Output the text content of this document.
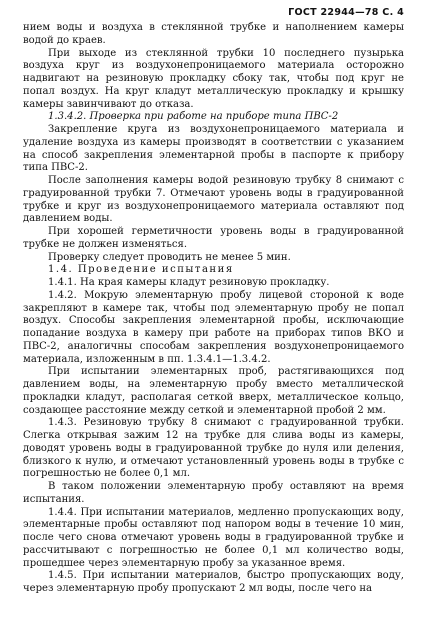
ГОСТ 22944—78 С. 4

нием воды и воздуха в стеклянной трубке и наполнением камеры водой до краев.

При выходе из стеклянной трубки 10 последнего пузырька воздуха круг из воздухонепроницаемого материала осторожно надвигают на резиновую прокладку сбоку так, чтобы под круг не попал воздух. На круг кладут металлическую прокладку и крышку камеры завинчивают до отказа.

1.3.4.2. Проверка при работе на приборе типа ПВС-2

Закрепление круга из воздухонепроницаемого материала и удаление воздуха из камеры производят в соответствии с указанием на способ закрепления элементарной пробы в паспорте к прибору типа ПВС-2.

После заполнения камеры водой резиновую трубку 8 снимают с градуированной трубки 7. Отмечают уровень воды в градуированной трубке и круг из воздухонепроницаемого материала оставляют под давлением воды.

При хорошей герметичности уровень воды в градуированной трубке не должен изменяться.

Проверку следует проводить не менее 5 мин.

1.4. Проведение испытания

1.4.1. На края камеры кладут резиновую прокладку.

1.4.2. Мокрую элементарную пробу лицевой стороной к воде закрепляют в камере так, чтобы под элементарную пробу не попал воздух. Способы закрепления элементарной пробы, исключающие попадание воздуха в камеру при работе на приборах типов ВКО и ПВС-2, аналогичны способам закрепления воздухонепроницаемого материала, изложенным в пп. 1.3.4.1—1.3.4.2.

При испытании элементарных проб, растягивающихся под давлением воды, на элементарную пробу вместо металлической прокладки кладут, располагая сеткой вверх, металлическое кольцо, создающее расстояние между сеткой и элементарной пробой 2 мм.

1.4.3. Резиновую трубку 8 снимают с градуированной трубки. Слегка открывая зажим 12 на трубке для слива воды из камеры, доводят уровень воды в градуированной трубке до нуля или деления, близкого к нулю, и отмечают установленный уровень воды в трубке с погрешностью не более 0,1 мл.

В таком положении элементарную пробу оставляют на время испытания.

1.4.4. При испытании материалов, медленно пропускающих воду, элементарные пробы оставляют под напором воды в течение 10 мин, после чего снова отмечают уровень воды в градуированной трубке и рассчитывают с погрешностью не более 0,1 мл количество воды, прошедшее через элементарную пробу за указанное время.

1.4.5. При испытании материалов, быстро пропускающих воду, через элементарную пробу пропускают 2 мл воды, после чего на
